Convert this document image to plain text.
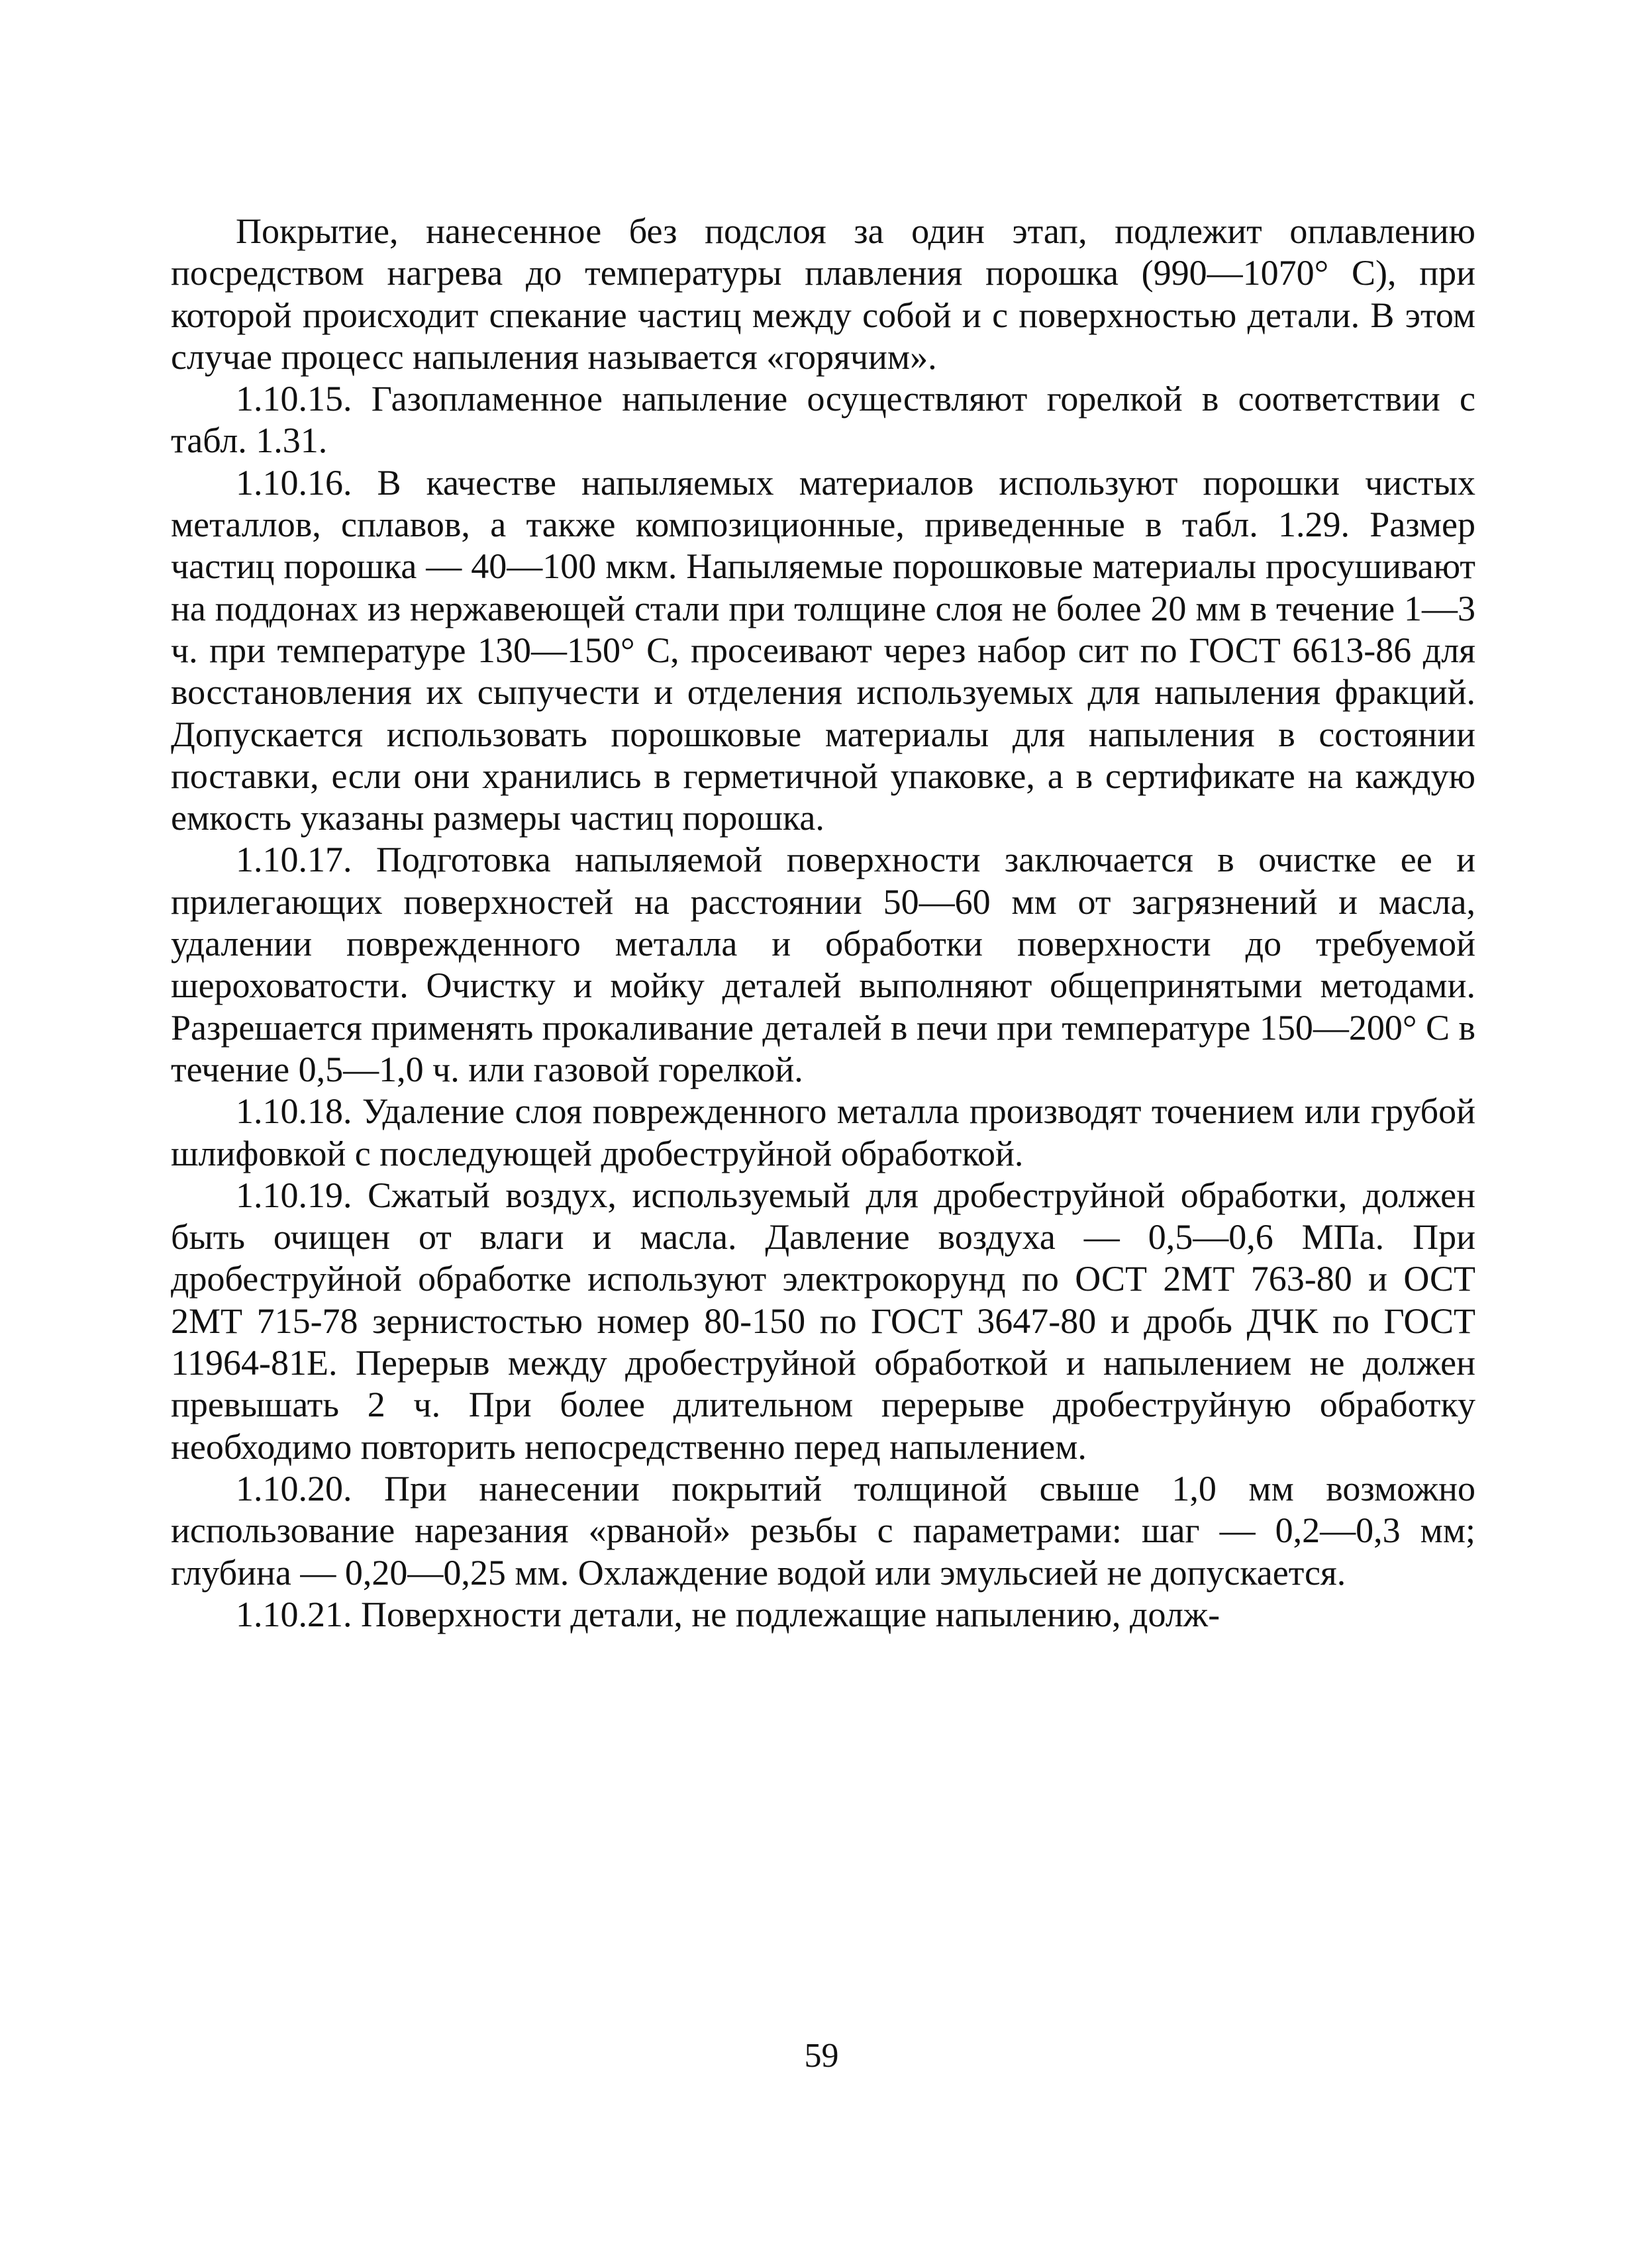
Покрытие, нанесенное без подслоя за один этап, подлежит оплавлению посредством нагрева до температуры плавления порошка (990—1070° С), при которой происходит спекание частиц между собой и с поверхностью детали. В этом случае процесс напыления называется «горячим».

1.10.15. Газопламенное напыление осуществляют горелкой в соответствии с табл. 1.31.

1.10.16. В качестве напыляемых материалов используют порошки чистых металлов, сплавов, а также композиционные, приведенные в табл. 1.29. Размер частиц порошка — 40—100 мкм. Напыляемые порошковые материалы просушивают на поддонах из нержавеющей стали при толщине слоя не более 20 мм в течение 1—3 ч. при температуре 130—150° С, просеивают через набор сит по ГОСТ 6613-86 для восстановления их сыпучести и отделения используемых для напыления фракций. Допускается использовать порошковые материалы для напыления в состоянии поставки, если они хранились в герметичной упаковке, а в сертификате на каждую емкость указаны размеры частиц порошка.

1.10.17. Подготовка напыляемой поверхности заключается в очистке ее и прилегающих поверхностей на расстоянии 50—60 мм от загрязнений и масла, удалении поврежденного металла и обработки поверхности до требуемой шероховатости. Очистку и мойку деталей выполняют общепринятыми методами. Разрешается применять прокаливание деталей в печи при температуре 150—200° С в течение 0,5—1,0 ч. или газовой горелкой.

1.10.18. Удаление слоя поврежденного металла производят точением или грубой шлифовкой с последующей дробеструйной обработкой.

1.10.19. Сжатый воздух, используемый для дробеструйной обработки, должен быть очищен от влаги и масла. Давление воздуха — 0,5—0,6 МПа. При дробеструйной обработке используют электрокорунд по ОСТ 2МТ 763-80 и ОСТ 2МТ 715-78 зернистостью номер 80-150 по ГОСТ 3647-80 и дробь ДЧК по ГОСТ 11964-81Е. Перерыв между дробеструйной обработкой и напылением не должен превышать 2 ч. При более длительном перерыве дробеструйную обработку необходимо повторить непосредственно перед напылением.

1.10.20. При нанесении покрытий толщиной свыше 1,0 мм возможно использование нарезания «рваной» резьбы с параметрами: шаг — 0,2—0,3 мм; глубина — 0,20—0,25 мм. Охлаждение водой или эмульсией не допускается.

1.10.21. Поверхности детали, не подлежащие напылению, долж-

59
